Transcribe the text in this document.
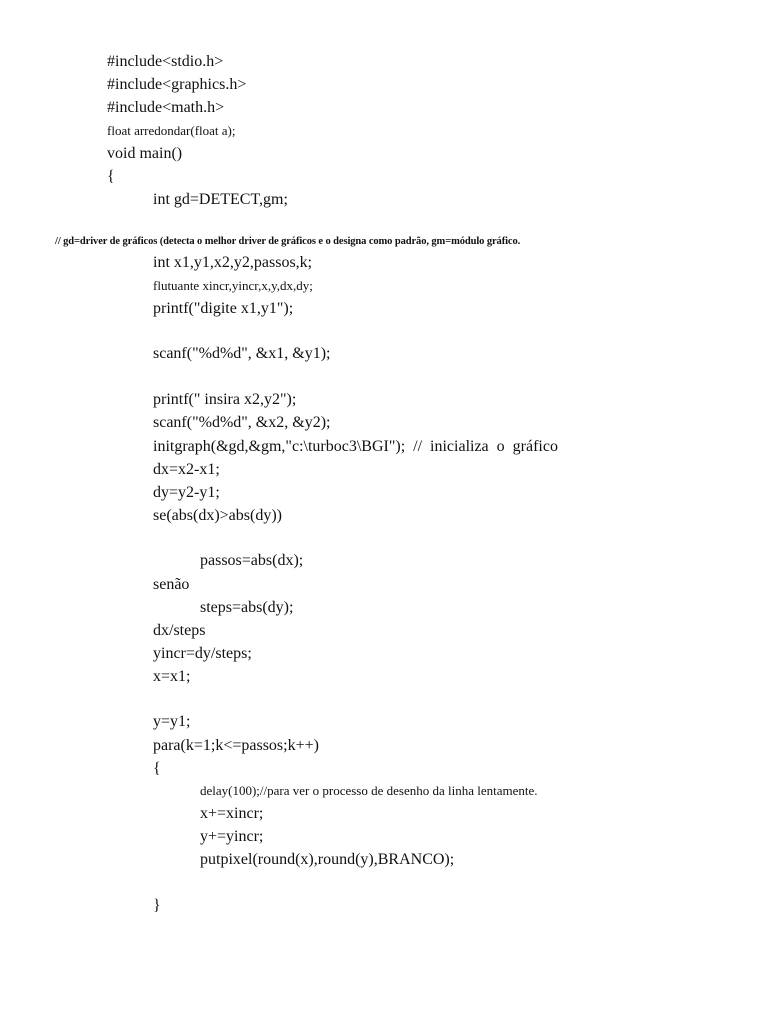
#include<stdio.h>
#include<graphics.h>
#include<math.h>
float arredondar(float a);
void main()
{
int gd=DETECT,gm;
// gd=driver de gráficos (detecta o melhor driver de gráficos e o designa como padrão, gm=módulo gráfico.
int x1,y1,x2,y2,passos,k;
flutuante xincr,yincr,x,y,dx,dy;
printf("digite x1,y1");
scanf("%d%d", &x1, &y1);
printf(" insira x2,y2");
scanf("%d%d", &x2, &y2);
initgraph(&gd,&gm,"c:\turboc3\BGI");  //  inicializa  o  gráfico
dx=x2-x1;
dy=y2-y1;
se(abs(dx)>abs(dy))
passos=abs(dx);
senão
steps=abs(dy);
dx/steps
yincr=dy/steps;
x=x1;
y=y1;
para(k=1;k<=passos;k++)
{
delay(100);//para ver o processo de desenho da linha lentamente.
x+=xincr;
y+=yincr;
putpixel(round(x),round(y),BRANCO);
}
